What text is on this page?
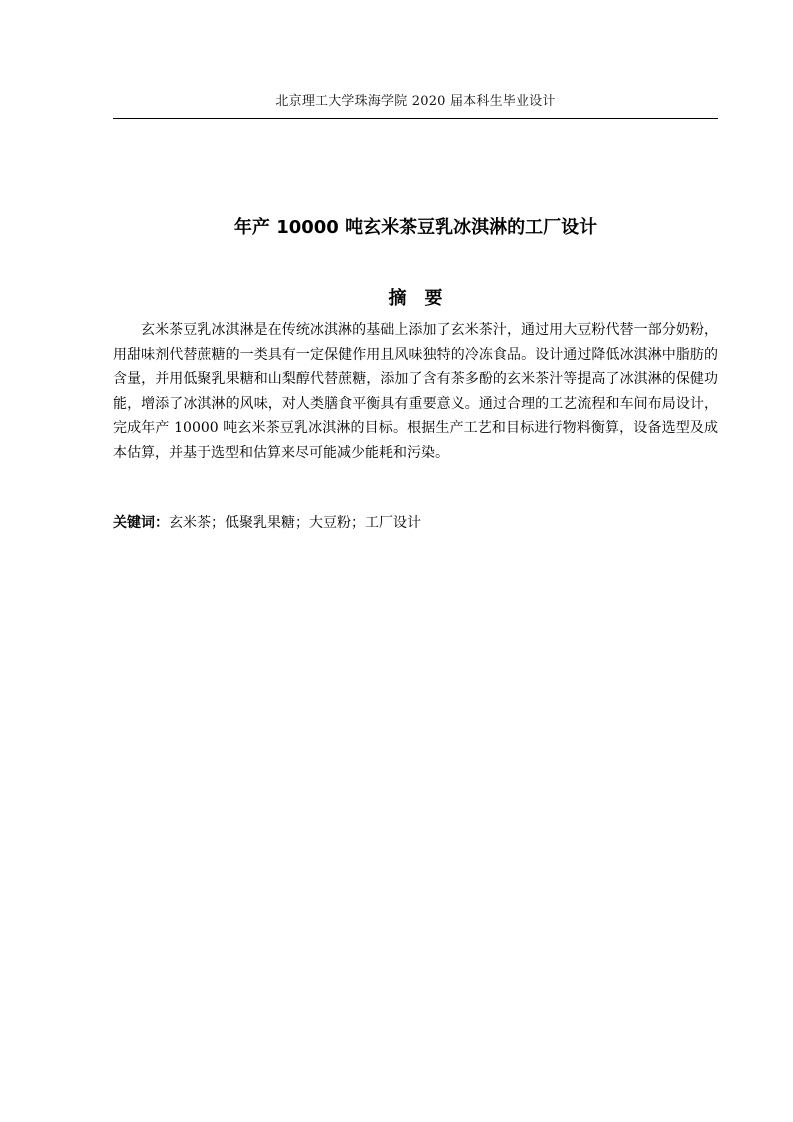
北京理工大学珠海学院 2020 届本科生毕业设计
年产 10000 吨玄米茶豆乳冰淇淋的工厂设计
摘　要

玄米茶豆乳冰淇淋是在传统冰淇淋的基础上添加了玄米茶汁，通过用大豆粉代替一部分奶粉，用甜味剂代替蔗糖的一类具有一定保健作用且风味独特的冷冻食品。设计通过降低冰淇淋中脂肪的含量，并用低聚乳果糖和山梨醇代替蔗糖，添加了含有茶多酚的玄米茶汁等提高了冰淇淋的保健功能，增添了冰淇淋的风味，对人类膳食平衡具有重要意义。通过合理的工艺流程和车间布局设计，完成年产 10000 吨玄米茶豆乳冰淇淋的目标。根据生产工艺和目标进行物料衡算，设备选型及成本估算，并基于选型和估算来尽可能减少能耗和污染。

关键词：玄米茶；低聚乳果糖；大豆粉；工厂设计
